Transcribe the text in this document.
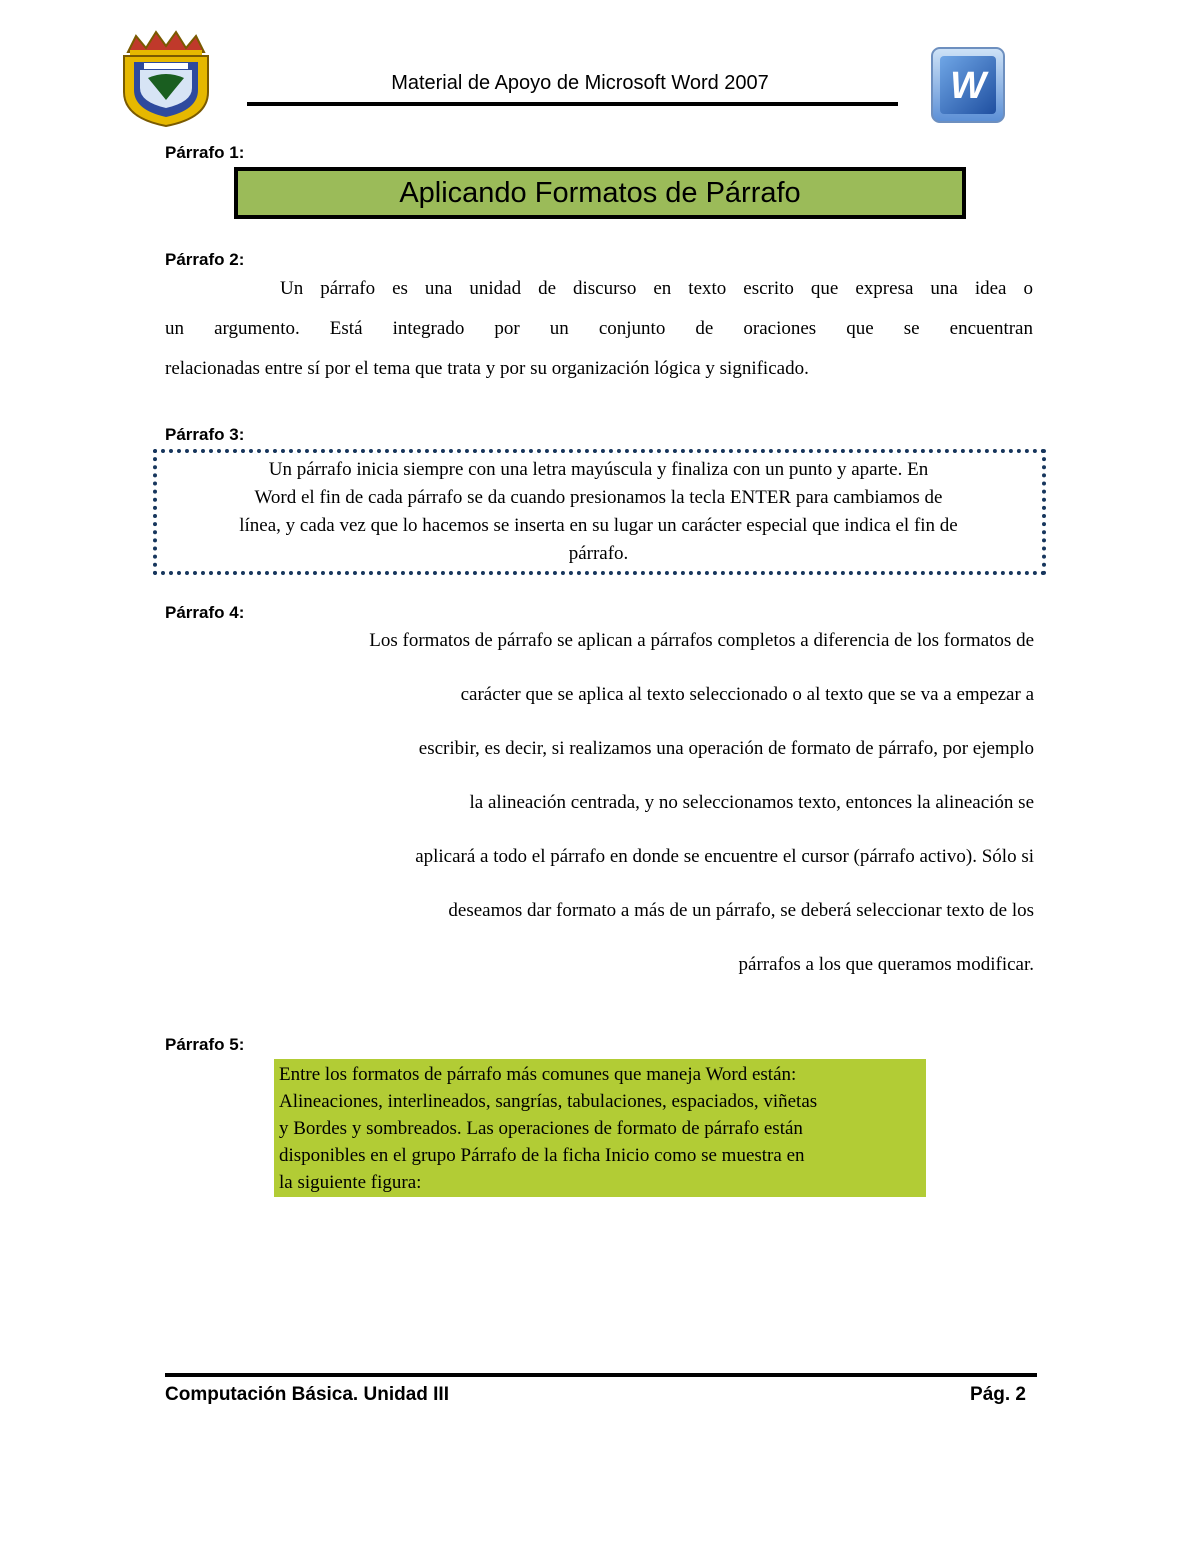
Material de Apoyo de Microsoft Word 2007	W
Párrafo 1:
Aplicando Formatos de Párrafo
Párrafo 2:
Un párrafo es una unidad de discurso en texto escrito que expresa una idea o
un argumento. Está integrado por un conjunto de oraciones que se encuentran
relacionadas entre sí por el tema que trata y por su organización lógica y significado.
Párrafo 3:
Un párrafo inicia siempre con una letra mayúscula y finaliza con un punto y aparte. En
Word el fin de cada párrafo se da cuando presionamos la tecla ENTER para cambiamos de
línea, y cada vez que lo hacemos se inserta en su lugar un carácter especial que indica el fin de
párrafo.
Párrafo 4:
Los formatos de párrafo se aplican a párrafos completos a diferencia de los formatos de
carácter que se aplica al texto seleccionado o al texto que se va a empezar a
escribir, es decir, si realizamos una operación de formato de párrafo, por ejemplo
la alineación centrada, y no seleccionamos texto, entonces la alineación se
aplicará a todo el párrafo en donde se encuentre el cursor (párrafo activo). Sólo si
deseamos dar formato a más de un párrafo, se deberá seleccionar texto de los
párrafos a los que queramos modificar.
Párrafo 5:
Entre los formatos de párrafo más comunes que maneja Word están:
Alineaciones, interlineados, sangrías, tabulaciones, espaciados, viñetas
y Bordes y sombreados. Las operaciones de formato de párrafo están
disponibles en el grupo Párrafo de la ficha Inicio como se muestra en
la siguiente figura:
Computación Básica. Unidad III	Pág. 2
